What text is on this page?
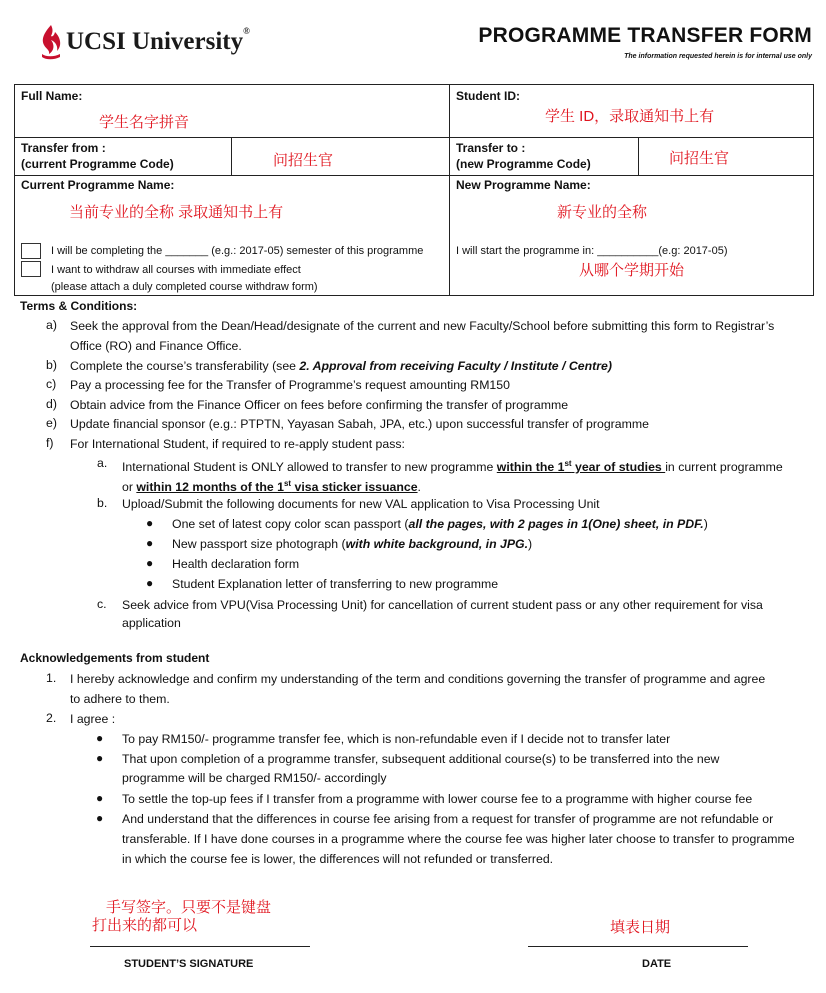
UCSI University®	PROGRAMME TRANSFER FORM
The information requested herein is for internal use only
Full Name:
学生名字拼音
Student ID:
学生 ID，录取通知书上有
Transfer from :
(current Programme Code)	问招生官
Transfer to :
(new Programme Code)	问招生官
Current Programme Name:
当前专业的全称 录取通知书上有
New Programme Name:
新专业的全称
I will be completing the _______ (e.g.: 2017-05) semester of this programme
I want to withdraw all courses with immediate effect
(please attach a duly completed course withdraw form)
I will start the programme in: __________(e.g: 2017-05)
从哪个学期开始
Terms & Conditions:
a) Seek the approval from the Dean/Head/designate of the current and new Faculty/School before submitting this form to Registrar’s
Office (RO) and Finance Office.
b) Complete the course’s transferability (see 2. Approval from receiving Faculty / Institute / Centre)
c) Pay a processing fee for the Transfer of Programme’s request amounting RM150
d) Obtain advice from the Finance Officer on fees before confirming the transfer of programme
e) Update financial sponsor (e.g.: PTPTN, Yayasan Sabah, JPA, etc.) upon successful transfer of programme
f) For International Student, if required to re-apply student pass:
a. International Student is ONLY allowed to transfer to new programme within the 1st year of studies in current programme
or within 12 months of the 1st visa sticker issuance.
b. Upload/Submit the following documents for new VAL application to Visa Processing Unit
● One set of latest copy color scan passport (all the pages, with 2 pages in 1(One) sheet, in PDF.)
● New passport size photograph (with white background, in JPG.)
● Health declaration form
● Student Explanation letter of transferring to new programme
c. Seek advice from VPU(Visa Processing Unit) for cancellation of current student pass or any other requirement for visa
application
Acknowledgements from student
1. I hereby acknowledge and confirm my understanding of the term and conditions governing the transfer of programme and agree
to adhere to them.
2. I agree :
● To pay RM150/- programme transfer fee, which is non-refundable even if I decide not to transfer later
● That upon completion of a programme transfer, subsequent additional course(s) to be transferred into the new
programme will be charged RM150/- accordingly
● To settle the top-up fees if I transfer from a programme with lower course fee to a programme with higher course fee
● And understand that the differences in course fee arising from a request for transfer of programme are not refundable or
transferable. If I have done courses in a programme where the course fee was higher later choose to transfer to programme
in which the course fee is lower, the differences will not refunded or transferred.
手写签字。只要不是键盘
打出来的都可以
STUDENT’S SIGNATURE
填表日期
DATE
